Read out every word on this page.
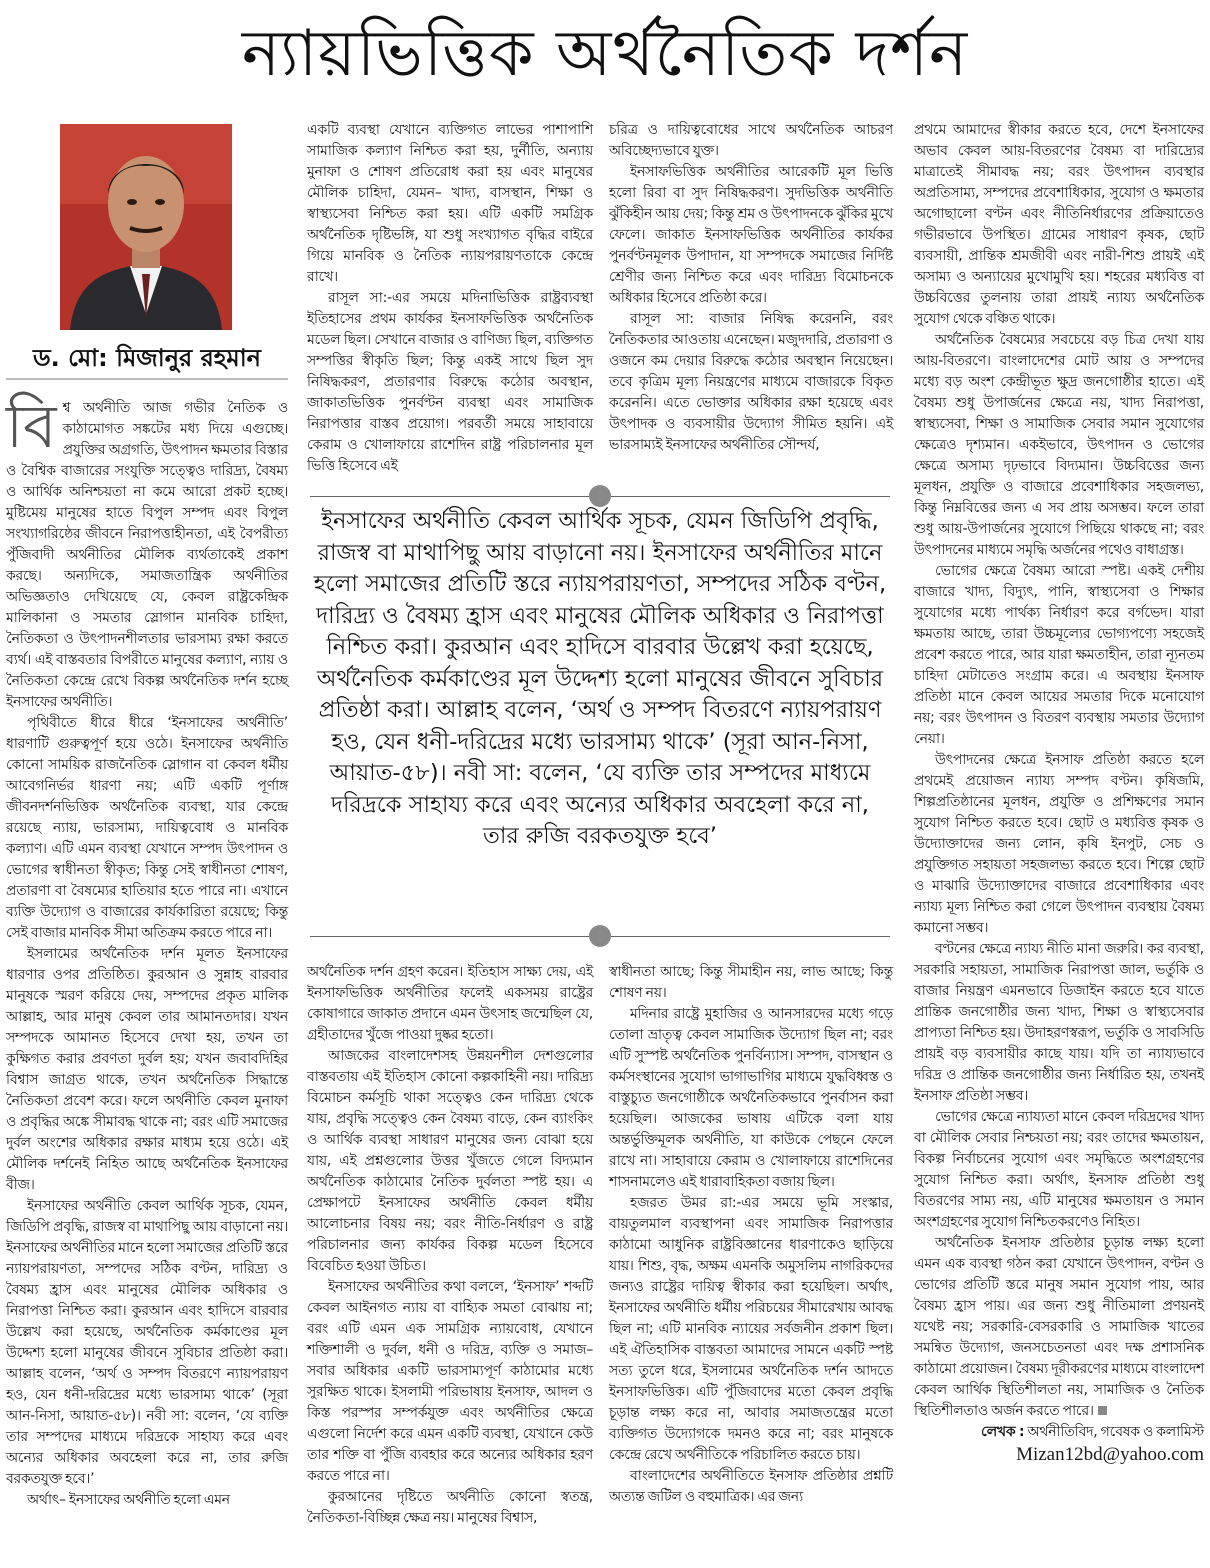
ন্যায়ভিত্তিক অর্থনৈতিক দর্শন
ড. মো: মিজানুর রহমান
বি শ্ব অর্থনীতি আজ গভীর নৈতিক ও কাঠামোগত সঙ্কটের মধ্য দিয়ে এগুচ্ছে। প্রযুক্তির অগ্রগতি, উৎপাদন ক্ষমতার বিস্তার ও বৈশ্বিক বাজারের সংযুক্তি সত্ত্বেও দারিদ্র্য, বৈষম্য ও আর্থিক অনিশ্চয়তা না কমে আরো প্রকট হচ্ছে। মুষ্টিমেয় মানুষের হাতে বিপুল সম্পদ এবং বিপুল সংখ্যাগরিষ্ঠের জীবনে নিরাপত্তাহীনতা, এই বৈপরীত্য পুঁজিবাদী অর্থনীতির মৌলিক ব্যর্থতাকেই প্রকাশ করছে। অন্যদিকে, সমাজতান্ত্রিক অর্থনীতির অভিজ্ঞতাও দেখিয়েছে যে, কেবল রাষ্ট্রকেন্দ্রিক মালিকানা ও সমতার স্লোগান মানবিক চাহিদা, নৈতিকতা ও উৎপাদনশীলতার ভারসাম্য রক্ষা করতে ব্যর্থ। এই বাস্তবতার বিপরীতে মানুষের কল্যাণ, ন্যায় ও নৈতিকতা কেন্দ্রে রেখে বিকল্প অর্থনৈতিক দর্শন হচ্ছে ইনসাফের অর্থনীতি।

পৃথিবীতে ধীরে ধীরে ‘ইনসাফের অর্থনীতি’ ধারণাটি গুরুত্বপূর্ণ হয়ে ওঠে। ইনসাফের অর্থনীতি কোনো সাময়িক রাজনৈতিক স্লোগান বা কেবল ধর্মীয় আবেগনির্ভর ধারণা নয়; এটি একটি পূর্ণাঙ্গ জীবনদর্শনভিত্তিক অর্থনৈতিক ব্যবস্থা, যার কেন্দ্রে রয়েছে ন্যায়, ভারসাম্য, দায়িত্ববোধ ও মানবিক কল্যাণ। এটি এমন ব্যবস্থা যেখানে সম্পদ উৎপাদন ও ভোগের স্বাধীনতা স্বীকৃত; কিন্তু সেই স্বাধীনতা শোষণ, প্রতারণা বা বৈষম্যের হাতিয়ার হতে পারে না। এখানে ব্যক্তি উদ্যোগ ও বাজারের কার্যকারিতা রয়েছে; কিন্তু সেই বাজার মানবিক সীমা অতিক্রম করতে পারে না।

ইসলামের অর্থনৈতিক দর্শন মূলত ইনসাফের ধারণার ওপর প্রতিষ্ঠিত। কুরআন ও সুন্নাহ বারবার মানুষকে স্মরণ করিয়ে দেয়, সম্পদের প্রকৃত মালিক আল্লাহ, আর মানুষ কেবল তার আমানতদার। যখন সম্পদকে আমানত হিসেবে দেখা হয়, তখন তা কুক্ষিগত করার প্রবণতা দুর্বল হয়; যখন জবাবদিহির বিশ্বাস জাগ্রত থাকে, তখন অর্থনৈতিক সিদ্ধান্তে নৈতিকতা প্রবেশ করে। ফলে অর্থনীতি কেবল মুনাফা ও প্রবৃদ্ধির অঙ্কে সীমাবদ্ধ থাকে না; বরং এটি সমাজের দুর্বল অংশের অধিকার রক্ষার মাধ্যম হয়ে ওঠে। এই মৌলিক দর্শনেই নিহিত আছে অর্থনৈতিক ইনসাফের বীজ।

ইনসাফের অর্থনীতি কেবল আর্থিক সূচক, যেমন, জিডিপি প্রবৃদ্ধি, রাজস্ব বা মাথাপিছু আয় বাড়ানো নয়। ইনসাফের অর্থনীতির মানে হলো সমাজের প্রতিটি স্তরে ন্যায়পরায়ণতা, সম্পদের সঠিক বণ্টন, দারিদ্র্য ও বৈষম্য হ্রাস এবং মানুষের মৌলিক অধিকার ও নিরাপত্তা নিশ্চিত করা। কুরআন এবং হাদিসে বারবার উল্লেখ করা হয়েছে, অর্থনৈতিক কর্মকাণ্ডের মূল উদ্দেশ্য হলো মানুষের জীবনে সুবিচার প্রতিষ্ঠা করা। আল্লাহ বলেন, ‘অর্থ ও সম্পদ বিতরণে ন্যায়পরায়ণ হও, যেন ধনী-দরিদ্রের মধ্যে ভারসাম্য থাকে’ (সূরা আন-নিসা, আয়াত-৫৮)। নবী সা: বলেন, ‘যে ব্যক্তি তার সম্পদের মাধ্যমে দরিদ্রকে সাহায্য করে এবং অন্যের অধিকার অবহেলা করে না, তার রুজি বরকতযুক্ত হবে।’

অর্থাৎ– ইনসাফের অর্থনীতি হলো এমন

একটি ব্যবস্থা যেখানে ব্যক্তিগত লাভের পাশাপাশি সামাজিক কল্যাণ নিশ্চিত করা হয়, দুর্নীতি, অন্যায় মুনাফা ও শোষণ প্রতিরোধ করা হয় এবং মানুষের মৌলিক চাহিদা, যেমন– খাদ্য, বাসস্থান, শিক্ষা ও স্বাস্থ্যসেবা নিশ্চিত করা হয়। এটি একটি সমগ্রিক অর্থনৈতিক দৃষ্টিভঙ্গি, যা শুধু সংখ্যাগত বৃদ্ধির বাইরে গিয়ে মানবিক ও নৈতিক ন্যায়পরায়ণতাকে কেন্দ্রে রাখে।

রাসূল সা:-এর সময়ে মদিনাভিত্তিক রাষ্ট্রব্যবস্থা ইতিহাসের প্রথম কার্যকর ইনসাফভিত্তিক অর্থনৈতিক মডেল ছিল। সেখানে বাজার ও বাণিজ্য ছিল, ব্যক্তিগত সম্পত্তির স্বীকৃতি ছিল; কিন্তু একই সাথে ছিল সুদ নিষিদ্ধকরণ, প্রতারণার বিরুদ্ধে কঠোর অবস্থান, জাকাতভিত্তিক পুনর্বণ্টন ব্যবস্থা এবং সামাজিক নিরাপত্তার বাস্তব প্রয়োগ। পরবর্তী সময়ে সাহাবায়ে কেরাম ও খোলাফায়ে রাশেদিন রাষ্ট্র পরিচালনার মূল ভিত্তি হিসেবে এই

চরিত্র ও দায়িত্ববোধের সাথে অর্থনৈতিক আচরণ অবিচ্ছেদ্যভাবে যুক্ত।

ইনসাফভিত্তিক অর্থনীতির আরেকটি মূল ভিত্তি হলো রিবা বা সুদ নিষিদ্ধকরণ। সুদভিত্তিক অর্থনীতি ঝুঁকিহীন আয় দেয়; কিন্তু শ্রম ও উৎপাদনকে ঝুঁকির মুখে ফেলে। জাকাত ইনসাফভিত্তিক অর্থনীতির কার্যকর পুনর্বণ্টনমূলক উপাদান, যা সম্পদকে সমাজের নির্দিষ্ট শ্রেণীর জন্য নিশ্চিত করে এবং দারিদ্র্য বিমোচনকে অধিকার হিসেবে প্রতিষ্ঠা করে।

রাসূল সা: বাজার নিষিদ্ধ করেননি, বরং নৈতিকতার আওতায় এনেছেন। মজুদদারি, প্রতারণা ও ওজনে কম দেয়ার বিরুদ্ধে কঠোর অবস্থান নিয়েছেন। তবে কৃত্রিম মূল্য নিয়ন্ত্রণের মাধ্যমে বাজারকে বিকৃত করেননি। এতে ভোক্তার অধিকার রক্ষা হয়েছে এবং উৎপাদক ও ব্যবসায়ীর উদ্যোগ সীমিত হয়নি। এই ভারসাম্যই ইনসাফের অর্থনীতির সৌন্দর্য,

ইনসাফের অর্থনীতি কেবল আর্থিক সূচক, যেমন জিডিপি প্রবৃদ্ধি, রাজস্ব বা মাথাপিছু আয় বাড়ানো নয়। ইনসাফের অর্থনীতির মানে হলো সমাজের প্রতিটি স্তরে ন্যায়পরায়ণতা, সম্পদের সঠিক বণ্টন, দারিদ্র্য ও বৈষম্য হ্রাস এবং মানুষের মৌলিক অধিকার ও নিরাপত্তা নিশ্চিত করা। কুরআন এবং হাদিসে বারবার উল্লেখ করা হয়েছে, অর্থনৈতিক কর্মকাণ্ডের মূল উদ্দেশ্য হলো মানুষের জীবনে সুবিচার প্রতিষ্ঠা করা। আল্লাহ বলেন, ‘অর্থ ও সম্পদ বিতরণে ন্যায়পরায়ণ হও, যেন ধনী-দরিদ্রের মধ্যে ভারসাম্য থাকে’ (সূরা আন-নিসা, আয়াত-৫৮)। নবী সা: বলেন, ‘যে ব্যক্তি তার সম্পদের মাধ্যমে দরিদ্রকে সাহায্য করে এবং অন্যের অধিকার অবহেলা করে না, তার রুজি বরকতযুক্ত হবে’

অর্থনৈতিক দর্শন গ্রহণ করেন। ইতিহাস সাক্ষ্য দেয়, এই ইনসাফভিত্তিক অর্থনীতির ফলেই একসময় রাষ্ট্রের কোষাগারে জাকাত প্রদানে এমন উৎসাহ জন্মেছিল যে, গ্রহীতাদের খুঁজে পাওয়া দুষ্কর হতো।

আজকের বাংলাদেশসহ উন্নয়নশীল দেশগুলোর বাস্তবতায় এই ইতিহাস কোনো কল্পকাহিনী নয়। দারিদ্র্য বিমোচন কর্মসূচি থাকা সত্ত্বেও কেন দারিদ্র্য থেকে যায়, প্রবৃদ্ধি সত্ত্বেও কেন বৈষম্য বাড়ে, কেন ব্যাংকিং ও আর্থিক ব্যবস্থা সাধারণ মানুষের জন্য বোঝা হয়ে যায়, এই প্রশ্নগুলোর উত্তর খুঁজতে গেলে বিদ্যমান অর্থনৈতিক কাঠামোর নৈতিক দুর্বলতা স্পষ্ট হয়। এ প্রেক্ষাপটে ইনসাফের অর্থনীতি কেবল ধর্মীয় আলোচনার বিষয় নয়; বরং নীতি-নির্ধারণ ও রাষ্ট্র পরিচালনার জন্য কার্যকর বিকল্প মডেল হিসেবে বিবেচিত হওয়া উচিত।

ইনসাফের অর্থনীতির কথা বললে, ‘ইনসাফ’ শব্দটি কেবল আইনগত ন্যায় বা বাহ্যিক সমতা বোঝায় না; বরং এটি এমন এক সামগ্রিক ন্যায়বোধ, যেখানে শক্তিশালী ও দুর্বল, ধনী ও দরিদ্র, ব্যক্তি ও সমাজ– সবার অধিকার একটি ভারসাম্যপূর্ণ কাঠামোর মধ্যে সুরক্ষিত থাকে। ইসলামী পরিভাষায় ইনসাফ, আদল ও কিস্ত পরস্পর সম্পর্কযুক্ত এবং অর্থনীতির ক্ষেত্রে এগুলো নির্দেশ করে এমন একটি ব্যবস্থা, যেখানে কেউ তার শক্তি বা পুঁজি ব্যবহার করে অন্যের অধিকার হরণ করতে পারে না।

কুরআনের দৃষ্টিতে অর্থনীতি কোনো স্বতন্ত্র, নৈতিকতা-বিচ্ছিন্ন ক্ষেত্র নয়। মানুষের বিশ্বাস,

স্বাধীনতা আছে; কিন্তু সীমাহীন নয়, লাভ আছে; কিন্তু শোষণ নয়।

মদিনার রাষ্ট্রে মুহাজির ও আনসারদের মধ্যে গড়ে তোলা ভ্রাতৃত্ব কেবল সামাজিক উদ্যোগ ছিল না; বরং এটি সুস্পষ্ট অর্থনৈতিক পুনর্বিন্যাস। সম্পদ, বাসস্থান ও কর্মসংস্থানের সুযোগ ভাগাভাগির মাধ্যমে যুদ্ধবিধ্বস্ত ও বাস্তুচ্যুত জনগোষ্ঠীকে অর্থনৈতিকভাবে পুনর্বাসন করা হয়েছিল। আজকের ভাষায় এটিকে বলা যায় অন্তর্ভুক্তিমূলক অর্থনীতি, যা কাউকে পেছনে ফেলে রাখে না। সাহাবায়ে কেরাম ও খোলাফায়ে রাশেদিনের শাসনামলেও এই ধারাবাহিকতা বজায় ছিল।

হজরত উমর রা:-এর সময়ে ভূমি সংস্কার, বায়তুলমাল ব্যবস্থাপনা এবং সামাজিক নিরাপত্তার কাঠামো আধুনিক রাষ্ট্রবিজ্ঞানের ধারণাকেও ছাড়িয়ে যায়। শিশু, বৃদ্ধ, অক্ষম এমনকি অমুসলিম নাগরিকদের জন্যও রাষ্ট্রের দায়িত্ব স্বীকার করা হয়েছিল। অর্থাৎ, ইনসাফের অর্থনীতি ধর্মীয় পরিচয়ের সীমারেখায় আবদ্ধ ছিল না; এটি মানবিক ন্যায়ের সর্বজনীন প্রকাশ ছিল। এই ঐতিহাসিক বাস্তবতা আমাদের সামনে একটি স্পষ্ট সত্য তুলে ধরে, ইসলামের অর্থনৈতিক দর্শন আদতে ইনসাফভিত্তিক। এটি পুঁজিবাদের মতো কেবল প্রবৃদ্ধি চূড়ান্ত লক্ষ্য করে না, আবার সমাজতন্ত্রের মতো ব্যক্তিগত উদ্যোগকে দমনও করে না; বরং মানুষকে কেন্দ্রে রেখে অর্থনীতিকে পরিচালিত করতে চায়।

বাংলাদেশের অর্থনীতিতে ইনসাফ প্রতিষ্ঠার প্রশ্নটি অত্যন্ত জটিল ও বহুমাত্রিক। এর জন্য

প্রথমে আমাদের স্বীকার করতে হবে, দেশে ইনসাফের অভাব কেবল আয়-বিতরণের বৈষম্য বা দারিদ্র্যের মাত্রাতেই সীমাবদ্ধ নয়; বরং উৎপাদন ব্যবস্থার অপ্রতিসাম্য, সম্পদের প্রবেশাধিকার, সুযোগ ও ক্ষমতার অগোছালো বণ্টন এবং নীতিনির্ধারণের প্রক্রিয়াতেও গভীরভাবে উপস্থিত। গ্রামের সাধারণ কৃষক, ছোট ব্যবসায়ী, প্রান্তিক শ্রমজীবী এবং নারী-শিশু প্রায়ই এই অসাম্য ও অন্যায়ের মুখোমুখি হয়। শহরের মধ্যবিত্ত বা উচ্চবিত্তের তুলনায় তারা প্রায়ই ন্যায্য অর্থনৈতিক সুযোগ থেকে বঞ্চিত থাকে।

অর্থনৈতিক বৈষম্যের সবচেয়ে বড় চিত্র দেখা যায় আয়-বিতরণে। বাংলাদেশের মোট আয় ও সম্পদের মধ্যে বড় অংশ কেন্দ্রীভূত ক্ষুদ্র জনগোষ্ঠীর হাতে। এই বৈষম্য শুধু উপার্জনের ক্ষেত্রে নয়, খাদ্য নিরাপত্তা, স্বাস্থ্যসেবা, শিক্ষা ও সামাজিক সেবার সমান সুযোগের ক্ষেত্রেও দৃশ্যমান। একইভাবে, উৎপাদন ও ভোগের ক্ষেত্রে অসাম্য দৃঢ়ভাবে বিদ্যমান। উচ্চবিত্তের জন্য মূলধন, প্রযুক্তি ও বাজারে প্রবেশাধিকার সহজলভ্য, কিন্তু নিম্নবিত্তের জন্য এ সব প্রায় অসম্ভব। ফলে তারা শুধু আয়-উপার্জনের সুযোগে পিছিয়ে থাকছে না; বরং উৎপাদনের মাধ্যমে সমৃদ্ধি অর্জনের পথেও বাধাগ্রস্ত।

ভোগের ক্ষেত্রে বৈষম্য আরো স্পষ্ট। একই দেশীয় বাজারে খাদ্য, বিদ্যুৎ, পানি, স্বাস্থ্যসেবা ও শিক্ষার সুযোগের মধ্যে পার্থক্য নির্ধারণ করে বর্গভেদ। যারা ক্ষমতায় আছে, তারা উচ্চমূল্যের ভোগ্যপণ্যে সহজেই প্রবেশ করতে পারে, আর যারা ক্ষমতাহীন, তারা ন্যূনতম চাহিদা মেটাতেও সংগ্রাম করে। এ অবস্থায় ইনসাফ প্রতিষ্ঠা মানে কেবল আয়ের সমতার দিকে মনোযোগ নয়; বরং উৎপাদন ও বিতরণ ব্যবস্থায় সমতার উদ্যোগ নেয়া।

উৎপাদনের ক্ষেত্রে ইনসাফ প্রতিষ্ঠা করতে হলে প্রথমেই প্রয়োজন ন্যায্য সম্পদ বণ্টন। কৃষিজমি, শিল্পপ্রতিষ্ঠানের মূলধন, প্রযুক্তি ও প্রশিক্ষণের সমান সুযোগ নিশ্চিত করতে হবে। ছোট ও মধ্যবিত্ত কৃষক ও উদ্যোক্তাদের জন্য লোন, কৃষি ইনপুট, সেচ ও প্রযুক্তিগত সহায়তা সহজলভ্য করতে হবে। শিল্পে ছোট ও মাঝারি উদ্যোক্তাদের বাজারে প্রবেশাধিকার এবং ন্যায্য মূল্য নিশ্চিত করা গেলে উৎপাদন ব্যবস্থায় বৈষম্য কমানো সম্ভব।

বণ্টনের ক্ষেত্রে ন্যায্য নীতি মানা জরুরি। কর ব্যবস্থা, সরকারি সহায়তা, সামাজিক নিরাপত্তা জাল, ভর্তুকি ও বাজার নিয়ন্ত্রণ এমনভাবে ডিজাইন করতে হবে যাতে প্রান্তিক জনগোষ্ঠীর জন্য খাদ্য, শিক্ষা ও স্বাস্থ্যসেবার প্রাপ্যতা নিশ্চিত হয়। উদাহরণস্বরূপ, ভর্তুকি ও সাবসিডি প্রায়ই বড় ব্যবসায়ীর কাছে যায়। যদি তা ন্যায্যভাবে দরিদ্র ও প্রান্তিক জনগোষ্ঠীর জন্য নির্ধারিত হয়, তখনই ইনসাফ প্রতিষ্ঠা সম্ভব।

ভোগের ক্ষেত্রে ন্যায্যতা মানে কেবল দরিদ্রদের খাদ্য বা মৌলিক সেবার নিশ্চয়তা নয়; বরং তাদের ক্ষমতায়ন, বিকল্প নির্বাচনের সুযোগ এবং সমৃদ্ধিতে অংশগ্রহণের সুযোগ নিশ্চিত করা। অর্থাৎ, ইনসাফ প্রতিষ্ঠা শুধু বিতরণের সাম্য নয়, এটি মানুষের ক্ষমতায়ন ও সমান অংশগ্রহণের সুযোগ নিশ্চিতকরণেও নিহিত।

অর্থনৈতিক ইনসাফ প্রতিষ্ঠার চূড়ান্ত লক্ষ্য হলো এমন এক ব্যবস্থা গঠন করা যেখানে উৎপাদন, বণ্টন ও ভোগের প্রতিটি স্তরে মানুষ সমান সুযোগ পায়, আর বৈষম্য হ্রাস পায়। এর জন্য শুধু নীতিমালা প্রণয়নই যথেষ্ট নয়; সরকারি-বেসরকারি ও সামাজিক খাতের সমন্বিত উদ্যোগ, জনসচেতনতা এবং দক্ষ প্রশাসনিক কাঠামো প্রয়োজন। বৈষম্য দূরীকরণের মাধ্যমে বাংলাদেশ কেবল আর্থিক স্থিতিশীলতা নয়, সামাজিক ও নৈতিক স্থিতিশীলতাও অর্জন করতে পারে।

লেখক : অর্থনীতিবিদ, গবেষক ও কলামিস্ট

Mizan12bd@yahoo.com
